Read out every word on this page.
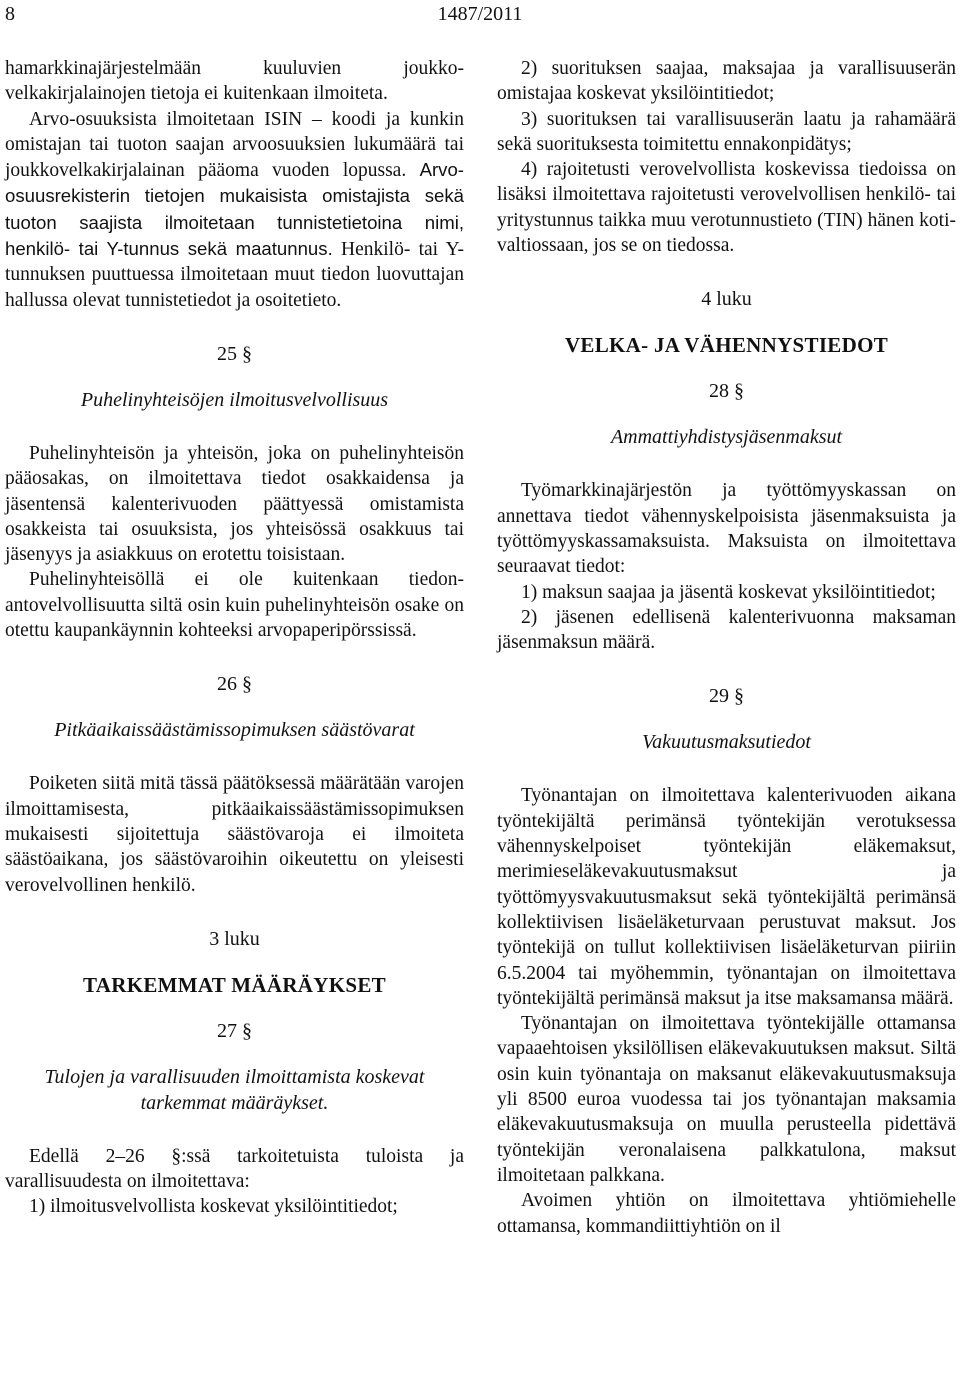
8	1487/2011

hamarkkinajärjestelmään kuuluvien joukkovelkakirjalainojen tietoja ei kuitenkaan ilmoiteta.

Arvo-osuuksista ilmoitetaan ISIN – koodi ja kunkin omistajan tai tuoton saajan arvoosuuksien lukumäärä tai joukkovelkakirjalainan pääoma vuoden lopussa. Arvo-osuusrekisterin tietojen mukaisista omistajista sekä tuoton saajista ilmoitetaan tunnistetietoina nimi, henkilö- tai Y-tunnus sekä maatunnus. Henkilö- tai Y-tunnuksen puuttuessa ilmoitetaan muut tiedon luovuttajan hallussa olevat tunnistetiedot ja osoitetieto.

25 §

Puhelinyhteisöjen ilmoitusvelvollisuus

Puhelinyhteisön ja yhteisön, joka on puhelinyhteisön pääosakas, on ilmoitettava tiedot osakkaidensa ja jäsentensä kalenterivuoden päättyessä omistamista osakkeista tai osuuksista, jos yhteisössä osakkuus tai jäsenyys ja asiakkuus on erotettu toisistaan.

Puhelinyhteisöllä ei ole kuitenkaan tiedonantovelvollisuutta siltä osin kuin puhelinyhteisön osake on otettu kaupankäynnin kohteeksi arvopaperipörssissä.

26 §

Pitkäaikaissäästämissopimuksen säästövarat

Poiketen siitä mitä tässä päätöksessä määrätään varojen ilmoittamisesta, pitkäaikaissäästämissopimuksen mukaisesti sijoitettuja säästövaroja ei ilmoiteta säästöaikana, jos säästövaroihin oikeutettu on yleisesti verovelvollinen henkilö.

3 luku

TARKEMMAT MÄÄRÄYKSET

27 §

Tulojen ja varallisuuden ilmoittamista koskevat tarkemmat määräykset.

Edellä 2–26 §:ssä tarkoitetuista tuloista ja varallisuudesta on ilmoitettava:

1) ilmoitusvelvollista koskevat yksilöintitiedot;

2) suorituksen saajaa, maksajaa ja varallisuuserän omistajaa koskevat yksilöintitiedot;

3) suorituksen tai varallisuuserän laatu ja rahamäärä sekä suorituksesta toimitettu ennakonpidätys;

4) rajoitetusti verovelvollista koskevissa tiedoissa on lisäksi ilmoitettava rajoitetusti verovelvollisen henkilö- tai yritystunnus taikka muu verotunnustieto (TIN) hänen kotivaltiossaan, jos se on tiedossa.

4 luku

VELKA- JA VÄHENNYSTIEDOT

28 §

Ammattiyhdistysjäsenmaksut

Työmarkkinajärjestön ja työttömyyskassan on annettava tiedot vähennyskelpoisista jäsenmaksuista ja työttömyyskassamaksuista. Maksuista on ilmoitettava seuraavat tiedot:

1) maksun saajaa ja jäsentä koskevat yksilöintitiedot;

2) jäsenen edellisenä kalenterivuonna maksaman jäsenmaksun määrä.

29 §

Vakuutusmaksutiedot

Työnantajan on ilmoitettava kalenterivuoden aikana työntekijältä perimänsä työntekijän verotuksessa vähennyskelpoiset työntekijän eläkemaksut, merimieseläkevakuutusmaksut ja työttömyysvakuutusmaksut sekä työntekijältä perimänsä kollektiivisen lisäeläketurvaan perustuvat maksut. Jos työntekijä on tullut kollektiivisen lisäeläketurvan piiriin 6.5.2004 tai myöhemmin, työnantajan on ilmoitettava työntekijältä perimänsä maksut ja itse maksamansa määrä.

Työnantajan on ilmoitettava työntekijälle ottamansa vapaaehtoisen yksilöllisen eläkevakuutuksen maksut. Siltä osin kuin työnantaja on maksanut eläkevakuutusmaksuja yli 8500 euroa vuodessa tai jos työnantajan maksamia eläkevakuutusmaksuja on muulla perusteella pidettävä työntekijän veronalaisena palkkatulona, maksut ilmoitetaan palkkana.

Avoimen yhtiön on ilmoitettava yhtiömiehelle ottamansa, kommandiittiyhtiön on il
